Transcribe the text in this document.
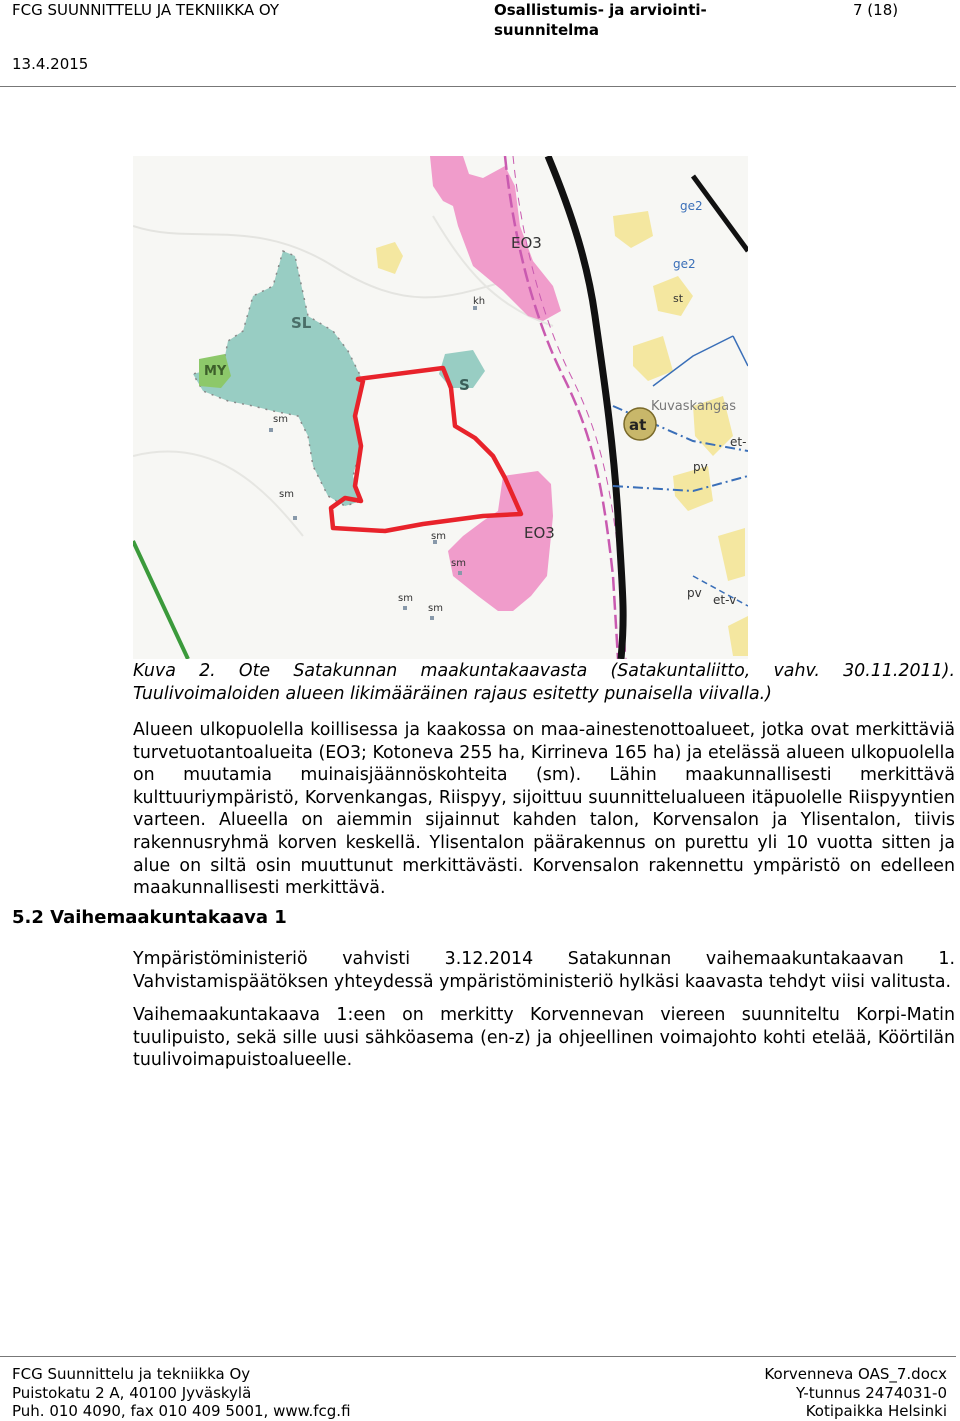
FCG SUUNNITTELU JA TEKNIIKKA OY	Osallistumis- ja arviointi-suunnitelma
7 (18)
13.4.2015
EO3
EO3
SL
MY
S
at
Kuvaskangas
pv
pv et-v
et-
sm
sm
sm
sm
sm
sm
kh
ge2
ge2
st
Kuva 2. Ote Satakunnan maakuntakaavasta (Satakuntaliitto, vahv. 30.11.2011). Tuulivoimaloiden alueen likimääräinen rajaus esitetty punaisella viivalla.)
Alueen ulkopuolella koillisessa ja kaakossa on maa-ainestenottoalueet, jotka ovat merkittäviä turvetuotantoalueita (EO3; Kotoneva 255 ha, Kirrineva 165 ha) ja etelässä alueen ulkopuolella on muutamia muinaisjäännöskohteita (sm). Lähin maakunnallisesti merkittävä kulttuuriympäristö, Korvenkangas, Riispyy, sijoittuu suunnittelualueen itäpuolelle Riispyyntien varteen. Alueella on aiemmin sijainnut kahden talon, Korvensalon ja Ylisentalon, tiivis rakennusryhmä korven keskellä. Ylisentalon päärakennus on purettu yli 10 vuotta sitten ja alue on siltä osin muuttunut merkittävästi. Korvensalon rakennettu ympäristö on edelleen maakunnallisesti merkittävä.
5.2 Vaihemaakuntakaava 1
Ympäristöministeriö vahvisti 3.12.2014 Satakunnan vaihemaakuntakaavan 1. Vahvistamispäätöksen yhteydessä ympäristöministeriö hylkäsi kaavasta tehdyt viisi valitusta.
Vaihemaakuntakaava 1:een on merkitty Korvennevan viereen suunniteltu Korpi-Matin tuulipuisto, sekä sille uusi sähköasema (en-z) ja ohjeellinen voimajohto kohti etelää, Köörtilän tuulivoimapuistoalueelle.
FCG Suunnittelu ja tekniikka Oy
Puistokatu 2 A, 40100 Jyväskylä
Puh. 010 4090, fax 010 409 5001, www.fcg.fi
Korvenneva OAS_7.docx
Y-tunnus 2474031-0
Kotipaikka Helsinki
